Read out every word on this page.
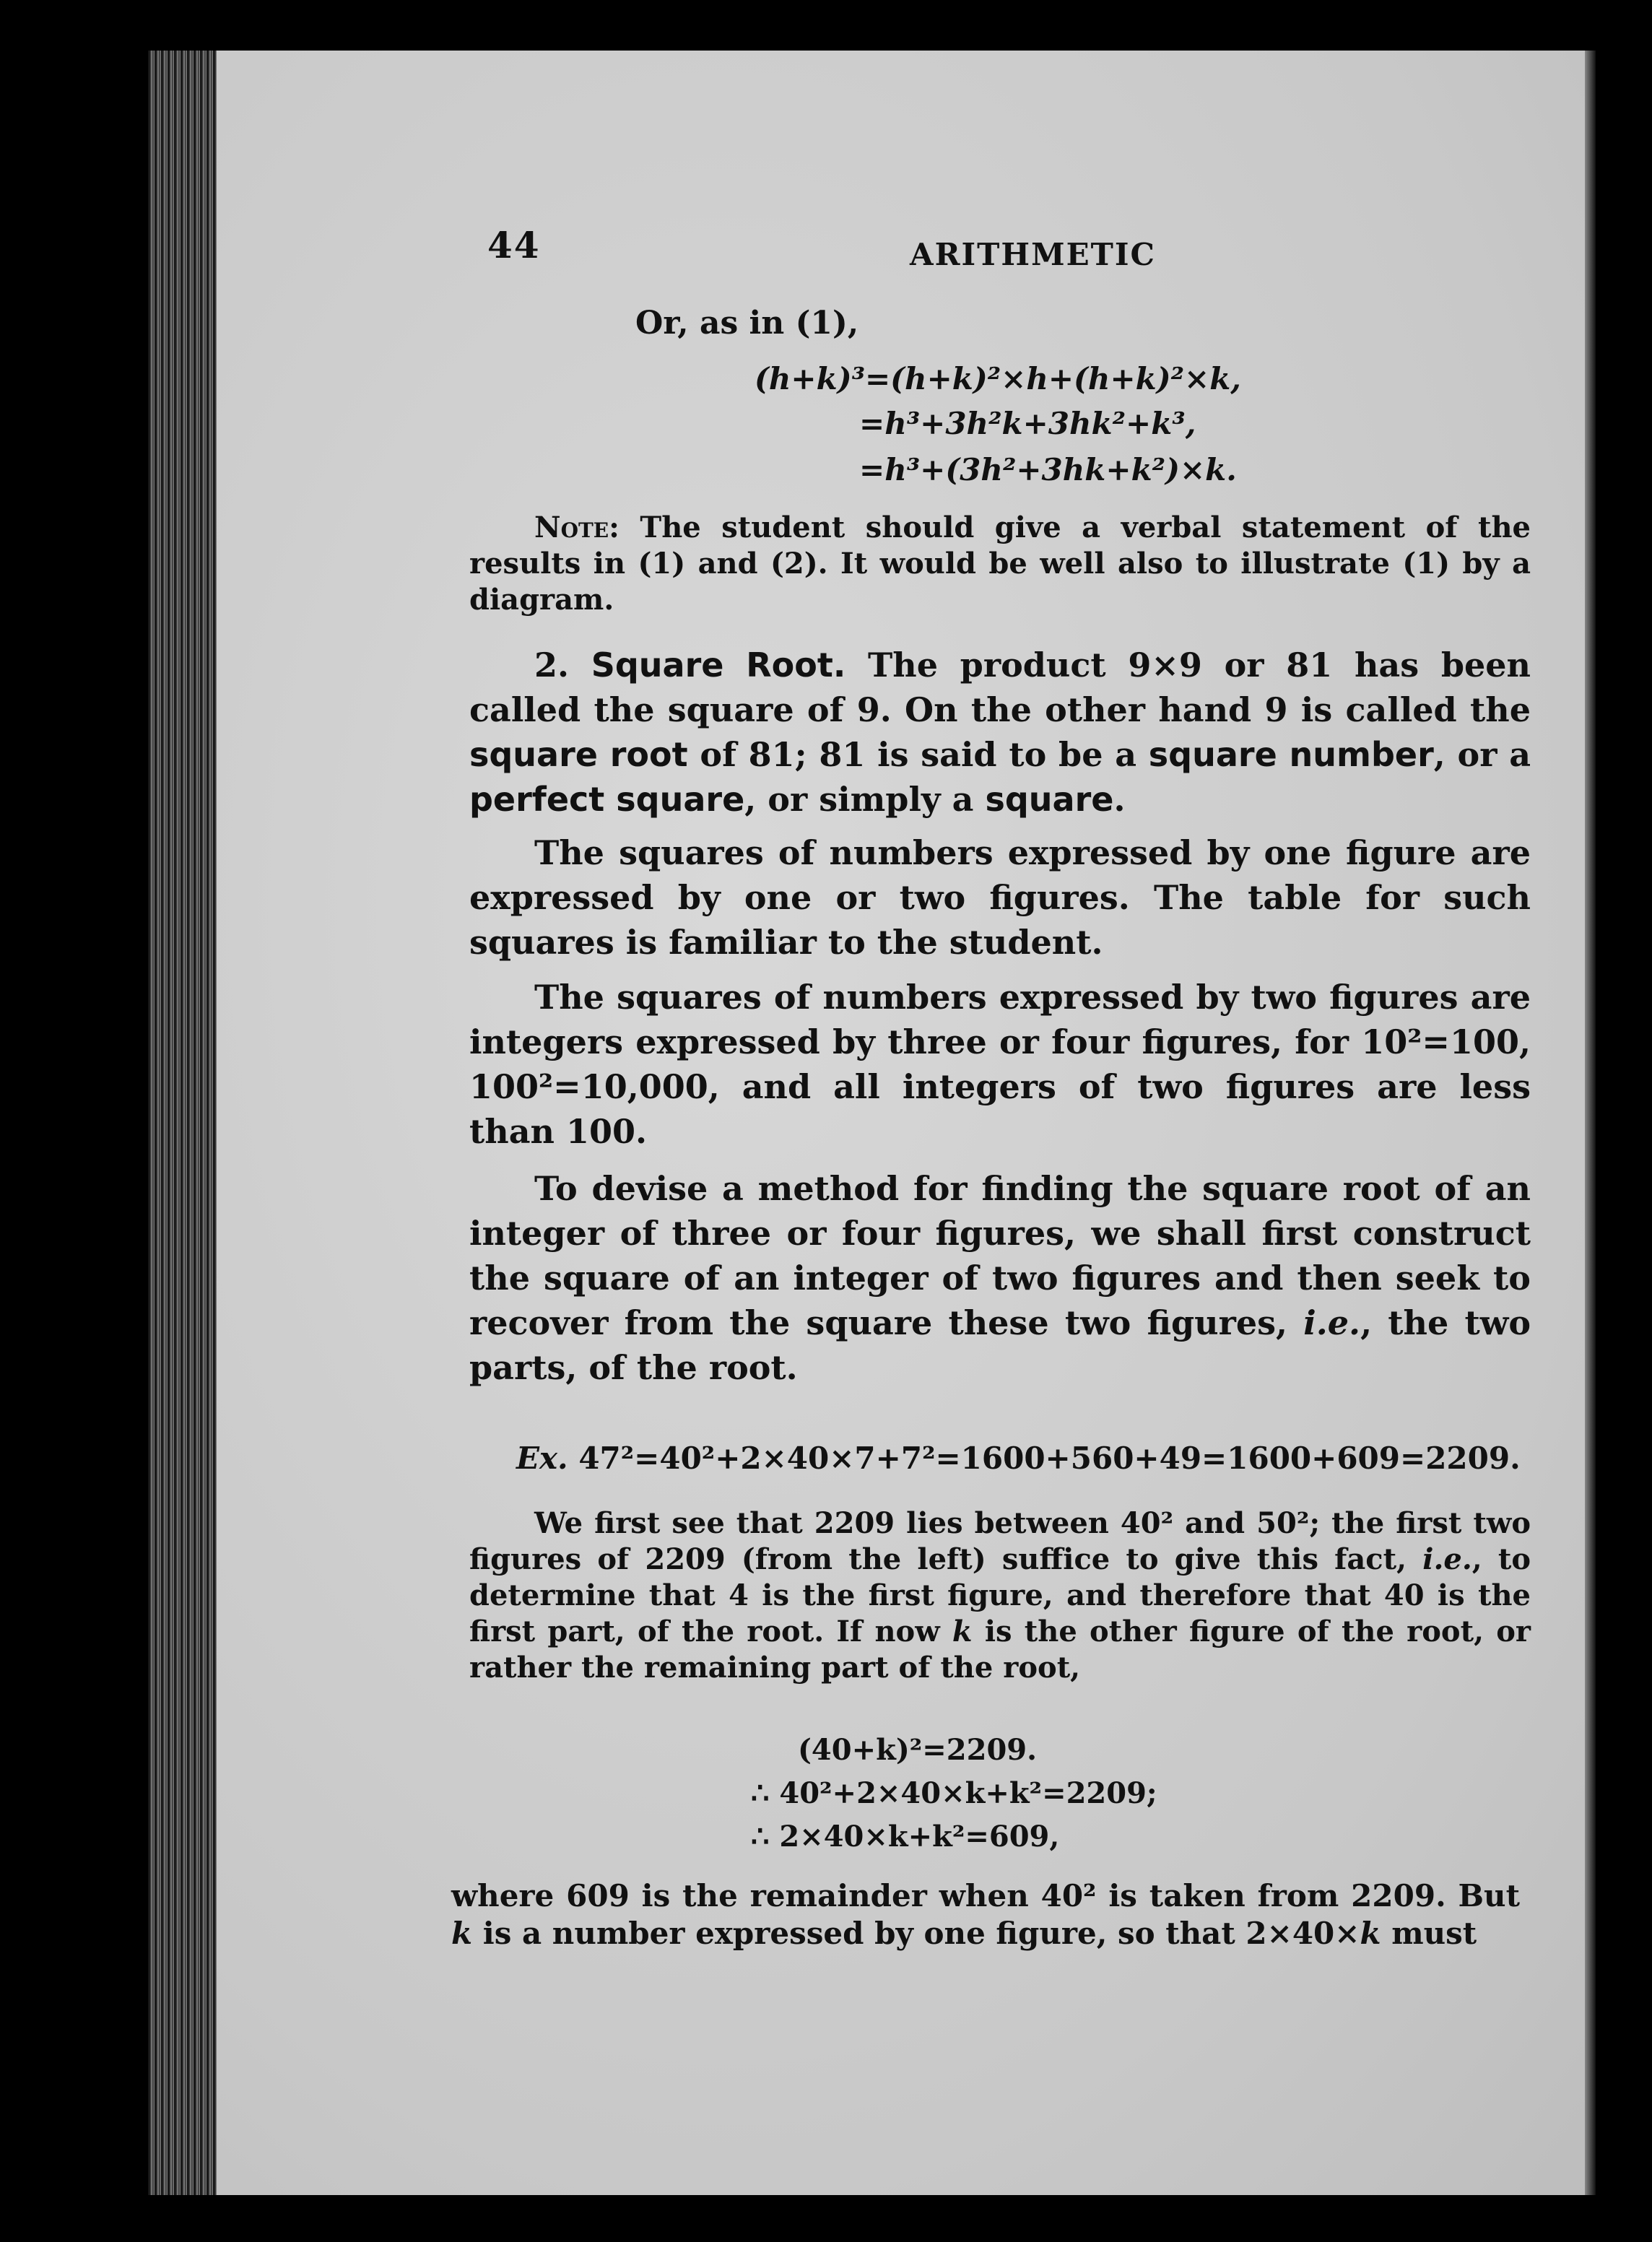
44	ARITHMETIC
Or, as in (1),
(h+k)³=(h+k)²×h+(h+k)²×k,
=h³+3h²k+3hk²+k³,
=h³+(3h²+3hk+k²)×k.
Note: The student should give a verbal statement of the results in (1) and (2). It would be well also to illustrate (1) by a diagram.
2. Square Root. The product 9×9 or 81 has been called the square of 9. On the other hand 9 is called the square root of 81; 81 is said to be a square number, or a perfect square, or simply a square.
The squares of numbers expressed by one figure are expressed by one or two figures. The table for such squares is familiar to the student.
The squares of numbers expressed by two figures are integers expressed by three or four figures, for 10²=100, 100²=10,000, and all integers of two figures are less than 100.
To devise a method for finding the square root of an integer of three or four figures, we shall first construct the square of an integer of two figures and then seek to recover from the square these two figures, i.e., the two parts, of the root.
Ex. 47²=40²+2×40×7+7²=1600+560+49=1600+609=2209.
We first see that 2209 lies between 40² and 50²; the first two figures of 2209 (from the left) suffice to give this fact, i.e., to determine that 4 is the first figure, and therefore that 40 is the first part, of the root. If now k is the other figure of the root, or rather the remaining part of the root,
(40+k)²=2209.
∴ 40²+2×40×k+k²=2209;
∴ 2×40×k+k²=609,
where 609 is the remainder when 40² is taken from 2209. But k is a number expressed by one figure, so that 2×40×k must
